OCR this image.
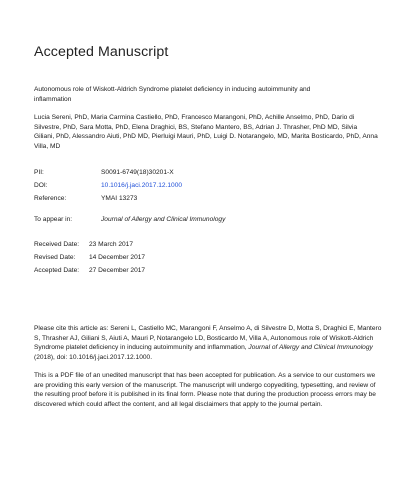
Accepted Manuscript

Autonomous role of Wiskott-Aldrich Syndrome platelet deficiency in inducing autoimmunity and inflammation

Lucia Sereni, PhD, Maria Carmina Castiello, PhD, Francesco Marangoni, PhD, Achille Anselmo, PhD, Dario di Silvestre, PhD, Sara Motta, PhD, Elena Draghici, BS, Stefano Mantero, BS, Adrian J. Thrasher, PhD MD, Silvia Giliani, PhD, Alessandro Aiuti, PhD MD, Pierluigi Mauri, PhD, Luigi D. Notarangelo, MD, Marita Bosticardo, PhD, Anna Villa, MD

PII:	S0091-6749(18)30201-X
DOI:	10.1016/j.jaci.2017.12.1000
Reference:	YMAI 13273
To appear in:	Journal of Allergy and Clinical Immunology
Received Date: 23 March 2017
Revised Date: 14 December 2017
Accepted Date: 27 December 2017

Please cite this article as: Sereni L, Castiello MC, Marangoni F, Anselmo A, di Silvestre D, Motta S, Draghici E, Mantero S, Thrasher AJ, Giliani S, Aiuti A, Mauri P, Notarangelo LD, Bosticardo M, Villa A, Autonomous role of Wiskott-Aldrich Syndrome platelet deficiency in inducing autoimmunity and inflammation, Journal of Allergy and Clinical Immunology (2018), doi: 10.1016/j.jaci.2017.12.1000.

This is a PDF file of an unedited manuscript that has been accepted for publication. As a service to our customers we are providing this early version of the manuscript. The manuscript will undergo copyediting, typesetting, and review of the resulting proof before it is published in its final form. Please note that during the production process errors may be discovered which could affect the content, and all legal disclaimers that apply to the journal pertain.
